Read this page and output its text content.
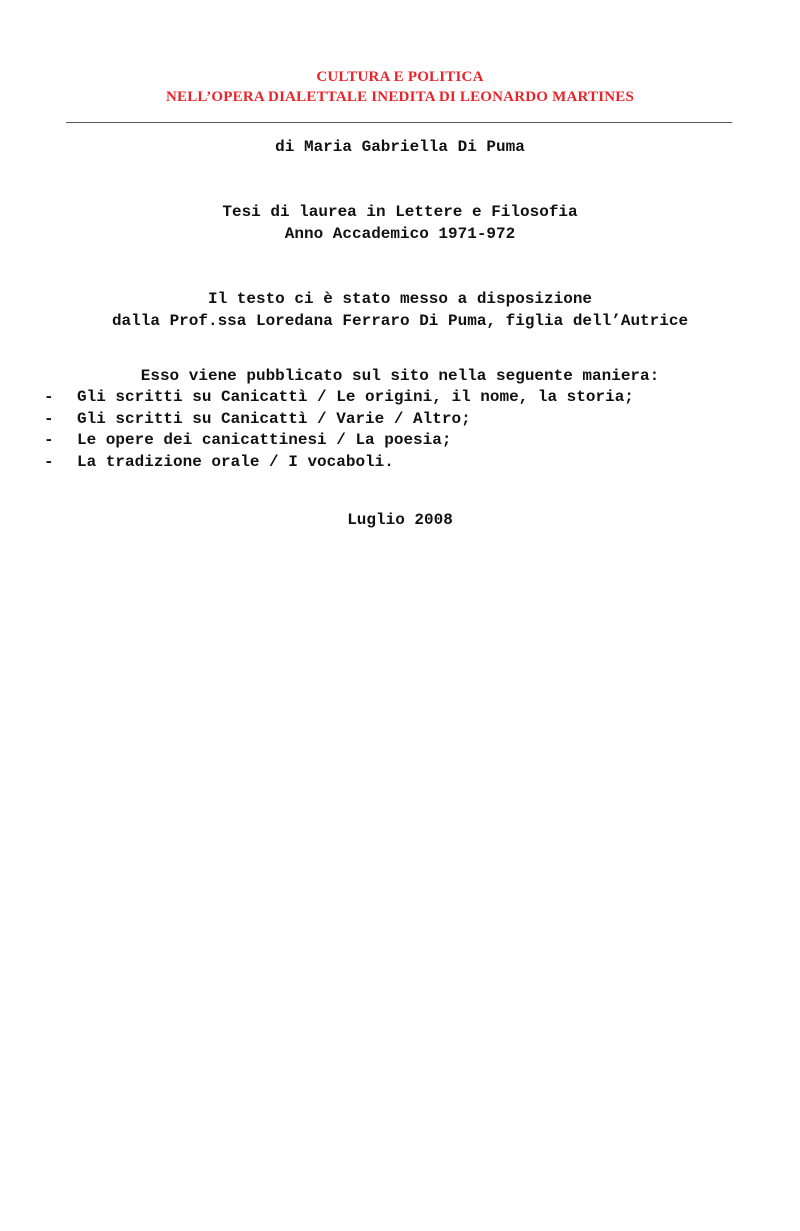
CULTURA E POLITICA
NELL’OPERA DIALETTALE INEDITA DI LEONARDO MARTINES
di Maria Gabriella Di Puma
Tesi di laurea in Lettere e Filosofia
Anno Accademico 1971-972
Il testo ci è stato messo a disposizione
dalla Prof.ssa Loredana Ferraro Di Puma, figlia dell’Autrice
Esso viene pubblicato sul sito nella seguente maniera:
- Gli scritti su Canicattì / Le origini, il nome, la storia;
- Gli scritti su Canicattì / Varie / Altro;
- Le opere dei canicattinesi / La poesia;
- La tradizione orale / I vocaboli.
Luglio 2008
